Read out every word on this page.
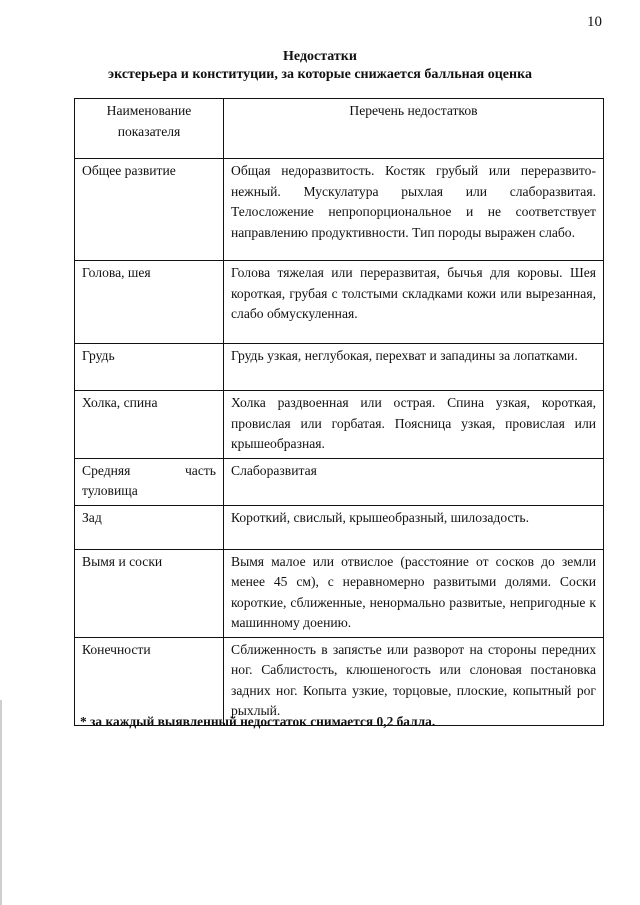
10
Недостатки
экстерьера и конституции, за которые снижается балльная оценка
Наименование показателя	Перечень недостатков

Общее развитие	Общая недоразвитость. Костяк грубый или переразвито-нежный. Мускулатура рыхлая или слаборазвитая. Телосложение непропорциональное и не соответствует направлению продуктивности. Тип породы выражен слабо.

Голова, шея	Голова тяжелая или переразвитая, бычья для коровы. Шея короткая, грубая с толстыми складками кожи или вырезанная, слабо обмускуленная.

Грудь	Грудь узкая, неглубокая, перехват и западины за лопатками.

Холка, спина	Холка раздвоенная или острая. Спина узкая, короткая, провислая или горбатая. Поясница узкая, провислая или крышеобразная.

Средняя часть туловища	Слаборазвитая

Зад	Короткий, свислый, крышеобразный, шилозадость.

Вымя и соски	Вымя малое или отвислое (расстояние от сосков до земли менее 45 см), с неравномерно развитыми долями. Соски короткие, сближенные, ненормально развитые, непригодные к машинному доению.

Конечности	Сближенность в запястье или разворот на стороны передних ног. Саблистость, клюшеногость или слоновая постановка задних ног. Копыта узкие, торцовые, плоские, копытный рог рыхлый.
* за каждый выявленный недостаток снимается 0,2 балла.
